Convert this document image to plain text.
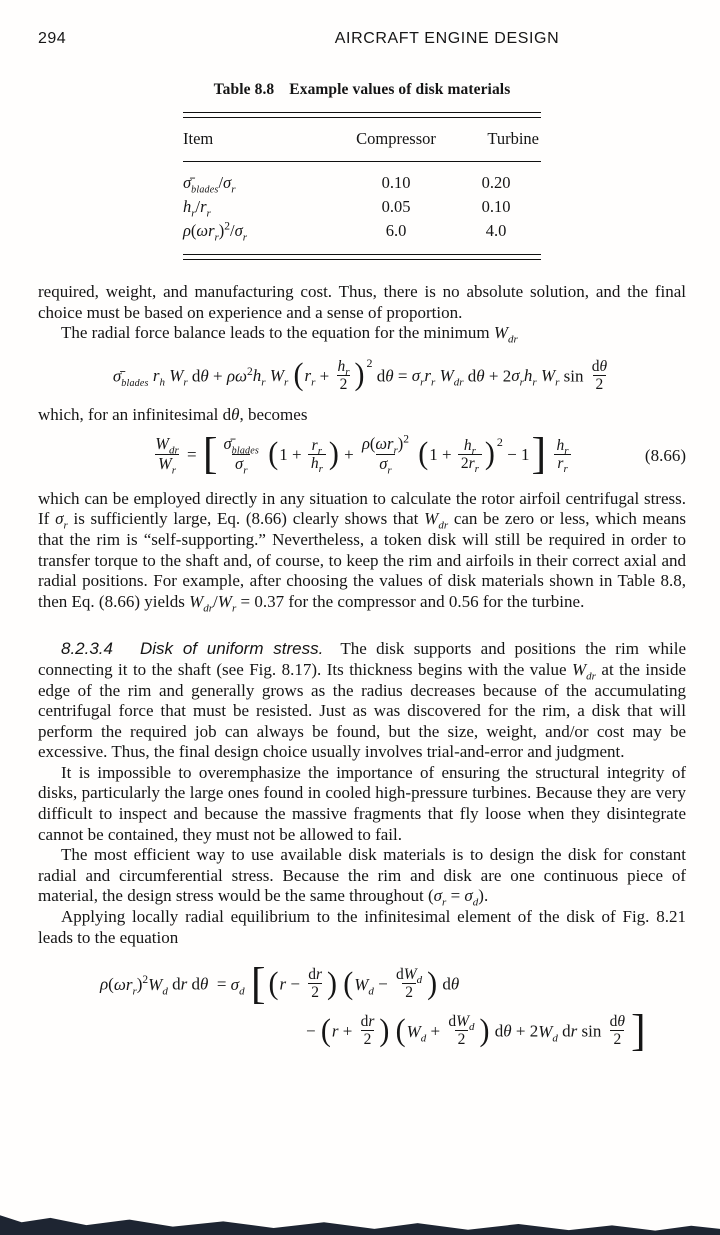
294	AIRCRAFT ENGINE DESIGN
Table 8.8 Example values of disk materials
Item	Compressor	Turbine
$\sigmā_{blades}/\sigma_r$	0.10	0.20
$h_r/r_r$	0.05	0.10
$\rho(\omega r_r)^2/\sigma_r$	6.0	4.0

required, weight, and manufacturing cost. Thus, there is no absolute solution, and the final choice must be based on experience and a sense of proportion.

The radial force balance leads to the equation for the minimum $W_{dr}$

$\sigmā_{blades}$ $r_h$ $W_r$ $d\theta + \rho\omega^2h_r$ $W_r$ ($r_r + \frac{h_r}{2}$ ) 2 $d\theta = \sigma_rr_r$ $W_{dr}$ $d\theta + 2\sigma_rh_r$ $W_r$ $\sin \frac{d\theta}{2}$

which, for an infinitesimal dθ, becomes

$\frac{W_{dr}}{W_r}$ = [ $\frac{\sigmā_{blades}}{\sigma_r} (1 + \frac{r_r}{h_r}$ ) + $\frac{\rho(\omega r_r)^2}{\sigma_r} (1 + \frac{h_r}{2r_r}$ ) $2 - 1] \frac{h_r}{r_r}$	(8.66)

which can be employed directly in any situation to calculate the rotor airfoil centrifugal stress. If $\sigma_r$ is sufficiently large, Eq. (8.66) clearly shows that $W_{dr}$ can be zero or less, which means that the rim is “self-supporting.” Nevertheless, a token disk will still be required in order to transfer torque to the shaft and, of course, to keep the rim and airfoils in their correct axial and radial positions. For example, after choosing the values of disk materials shown in Table 8.8, then Eq. (8.66) yields $W_{dr}/W_r = 0.37$ for the compressor and 0.56 for the turbine.

8.2.3.4 Disk of uniform stress. The disk supports and positions the rim while connecting it to the shaft (see Fig. 8.17). Its thickness begins with the value $W_{dr}$ at the inside edge of the rim and generally grows as the radius decreases because of the accumulating centrifugal force that must be resisted. Just as was discovered for the rim, a disk that will perform the required job can always be found, but the size, weight, and/or cost may be excessive. Thus, the final design choice usually involves trial-and-error and judgment.

It is impossible to overemphasize the importance of ensuring the structural integrity of disks, particularly the large ones found in cooled high-pressure turbines. Because they are very difficult to inspect and because the massive fragments that fly loose when they disintegrate cannot be contained, they must not be allowed to fail.

The most efficient way to use available disk materials is to design the disk for constant radial and circumferential stress. Because the rim and disk are one continuous piece of material, the design stress would be the same throughout $(\sigma_r = \sigma_d)$.

Applying locally radial equilibrium to the infinitesimal element of the disk of Fig. 8.21 leads to the equation

$\rho(\omega r_r)^2W_d$ dr dθ = $\sigma_d$ [ ($r - \frac{dr}{2}$ ) ($W_d - \frac{dW_d}{2}$ ) dθ
− ($r + \frac{dr}{2}$ ) ($W_d + \frac{dW_d}{2}$ ) $d\theta + 2W_d$ dr $\sin \frac{d\theta}{2}$ ]
